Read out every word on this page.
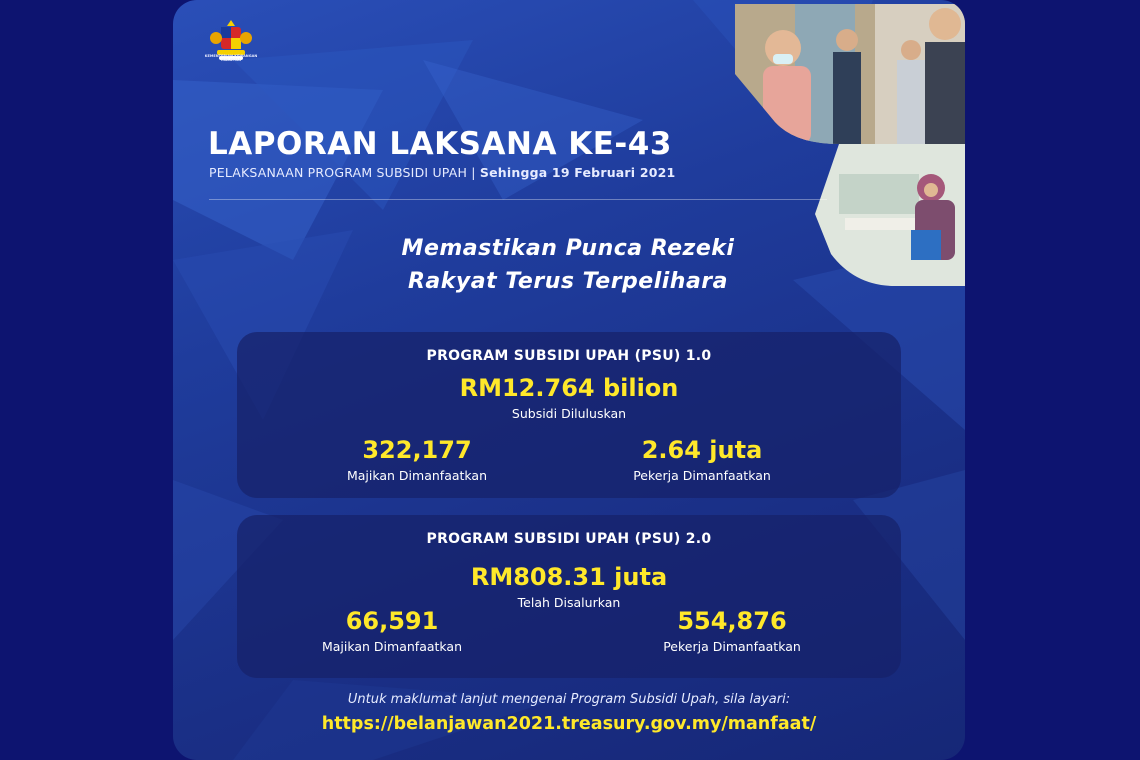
KEMENTERIAN KEWANGAN MALAYSIA
LAPORAN LAKSANA KE-43
PELAKSANAAN PROGRAM SUBSIDI UPAH | Sehingga 19 Februari 2021
Memastikan Punca Rezeki
Rakyat Terus Terpelihara
PROGRAM SUBSIDI UPAH (PSU) 1.0
RM12.764 bilion
Subsidi Diluluskan
322,177
Majikan Dimanfaatkan
2.64 juta
Pekerja Dimanfaatkan
PROGRAM SUBSIDI UPAH (PSU) 2.0
RM808.31 juta
Telah Disalurkan
66,591
Majikan Dimanfaatkan
554,876
Pekerja Dimanfaatkan
Untuk maklumat lanjut mengenai Program Subsidi Upah, sila layari:
https://belanjawan2021.treasury.gov.my/manfaat/
